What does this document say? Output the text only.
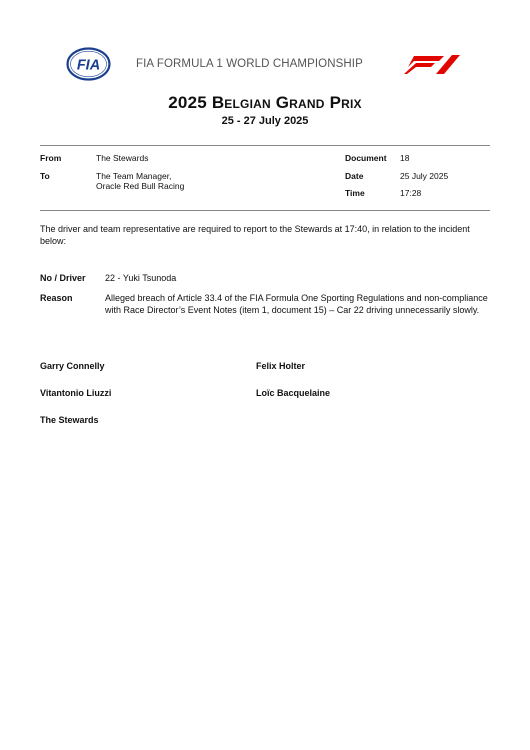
FIA	FIA FORMULA 1 WORLD CHAMPIONSHIP
2025 Belgian Grand Prix
25 - 27 July 2025
From	The Stewards
To	The Team Manager,
Oracle Red Bull Racing
Document 18
Date	25 July 2025
Time	17:28
The driver and team representative are required to report to the Stewards at 17:40, in relation to the incident below:
No / Driver 22 - Yuki Tsunoda
Reason	Alleged breach of Article 33.4 of the FIA Formula One Sporting Regulations and non-compliance with Race Director’s Event Notes (item 1, document 15) – Car 22 driving unnecessarily slowly.
Garry Connelly	Felix Holter
Vitantonio Liuzzi	Loïc Bacquelaine
The Stewards
